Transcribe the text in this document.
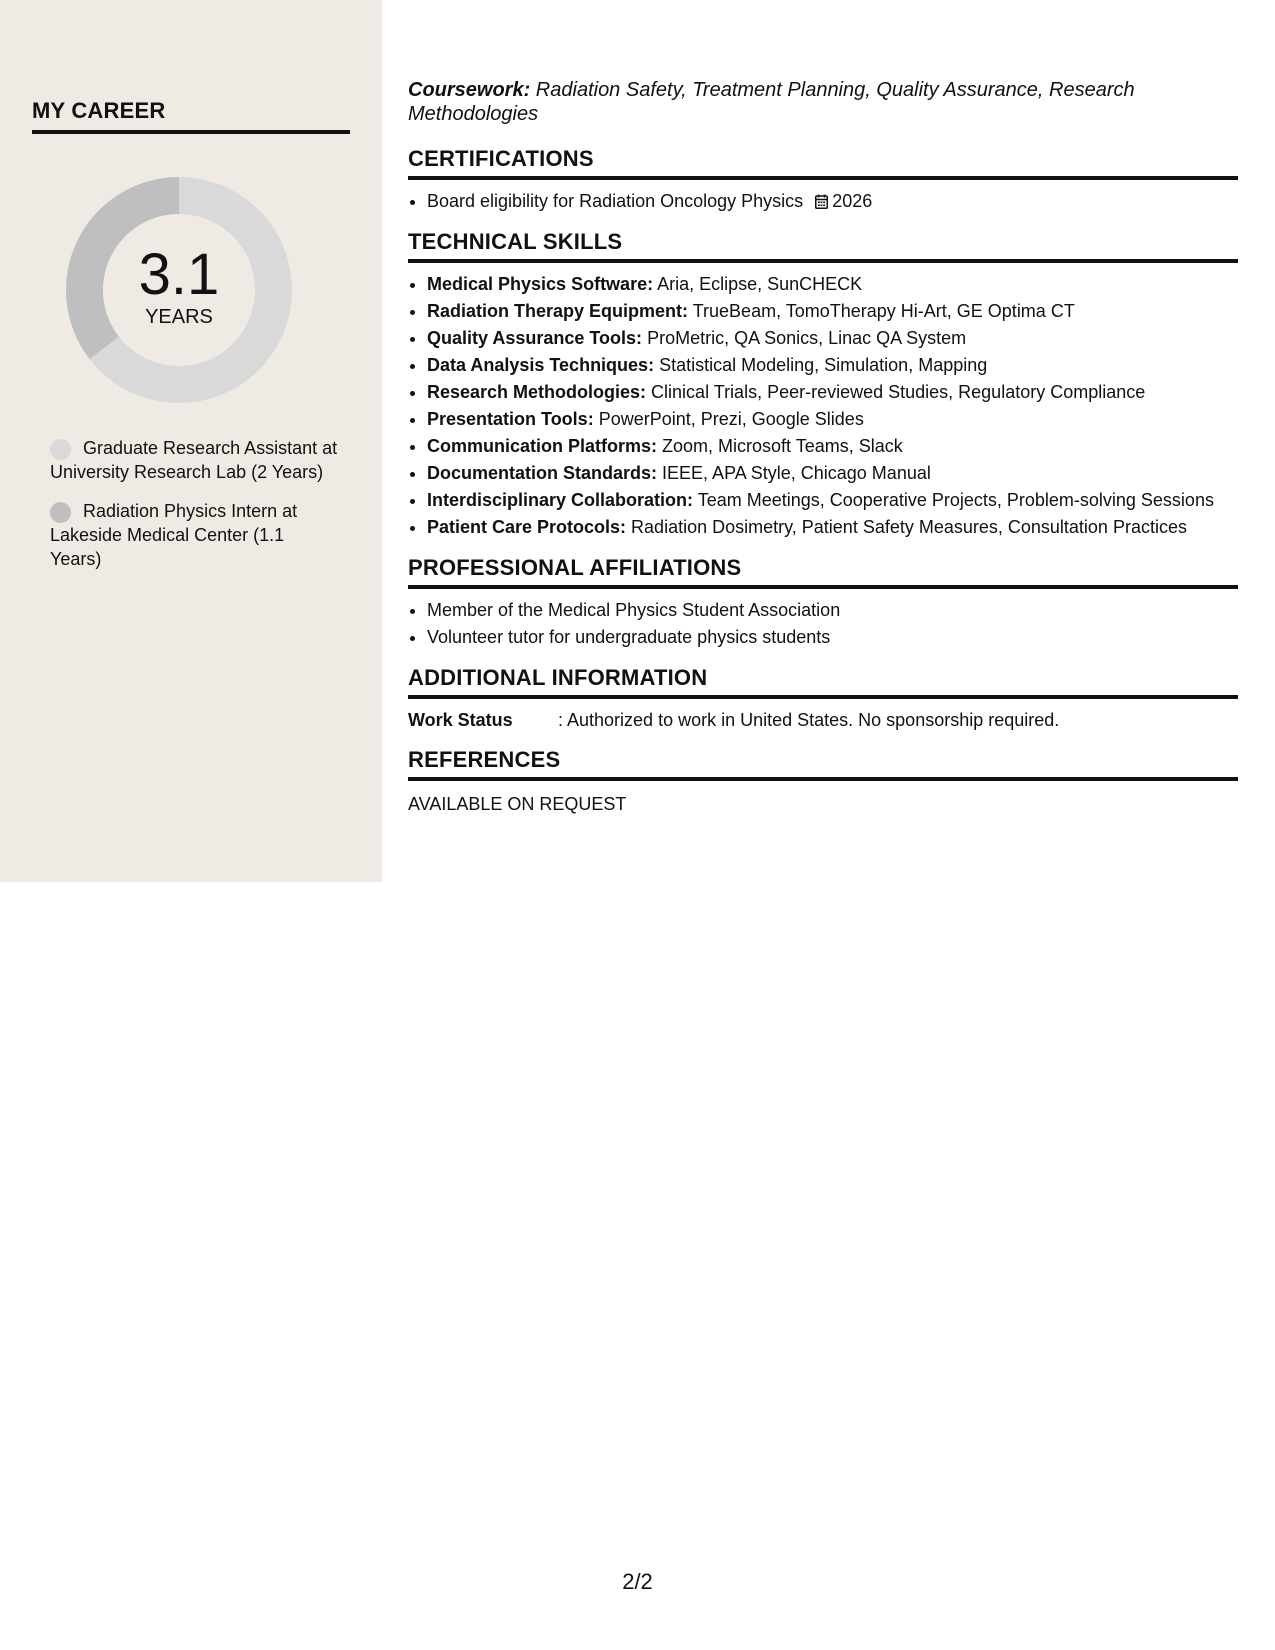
MY CAREER
3.1
YEARS
Graduate Research Assistant at University Research Lab (2 Years)
Radiation Physics Intern at Lakeside Medical Center (1.1 Years)

Coursework: Radiation Safety, Treatment Planning, Quality Assurance, Research Methodologies

CERTIFICATIONS
• Board eligibility for Radiation Oncology Physics 2026
TECHNICAL SKILLS
• Medical Physics Software: Aria, Eclipse, SunCHECK
• Radiation Therapy Equipment: TrueBeam, TomoTherapy Hi-Art, GE Optima CT
• Quality Assurance Tools: ProMetric, QA Sonics, Linac QA System
• Data Analysis Techniques: Statistical Modeling, Simulation, Mapping
• Research Methodologies: Clinical Trials, Peer-reviewed Studies, Regulatory Compliance
• Presentation Tools: PowerPoint, Prezi, Google Slides
• Communication Platforms: Zoom, Microsoft Teams, Slack
• Documentation Standards: IEEE, APA Style, Chicago Manual
• Interdisciplinary Collaboration: Team Meetings, Cooperative Projects, Problem-solving Sessions
• Patient Care Protocols: Radiation Dosimetry, Patient Safety Measures, Consultation Practices
PROFESSIONAL AFFILIATIONS
• Member of the Medical Physics Student Association
• Volunteer tutor for undergraduate physics students
ADDITIONAL INFORMATION
Work Status	: Authorized to work in United States. No sponsorship required.
REFERENCES
AVAILABLE ON REQUEST
2/2
